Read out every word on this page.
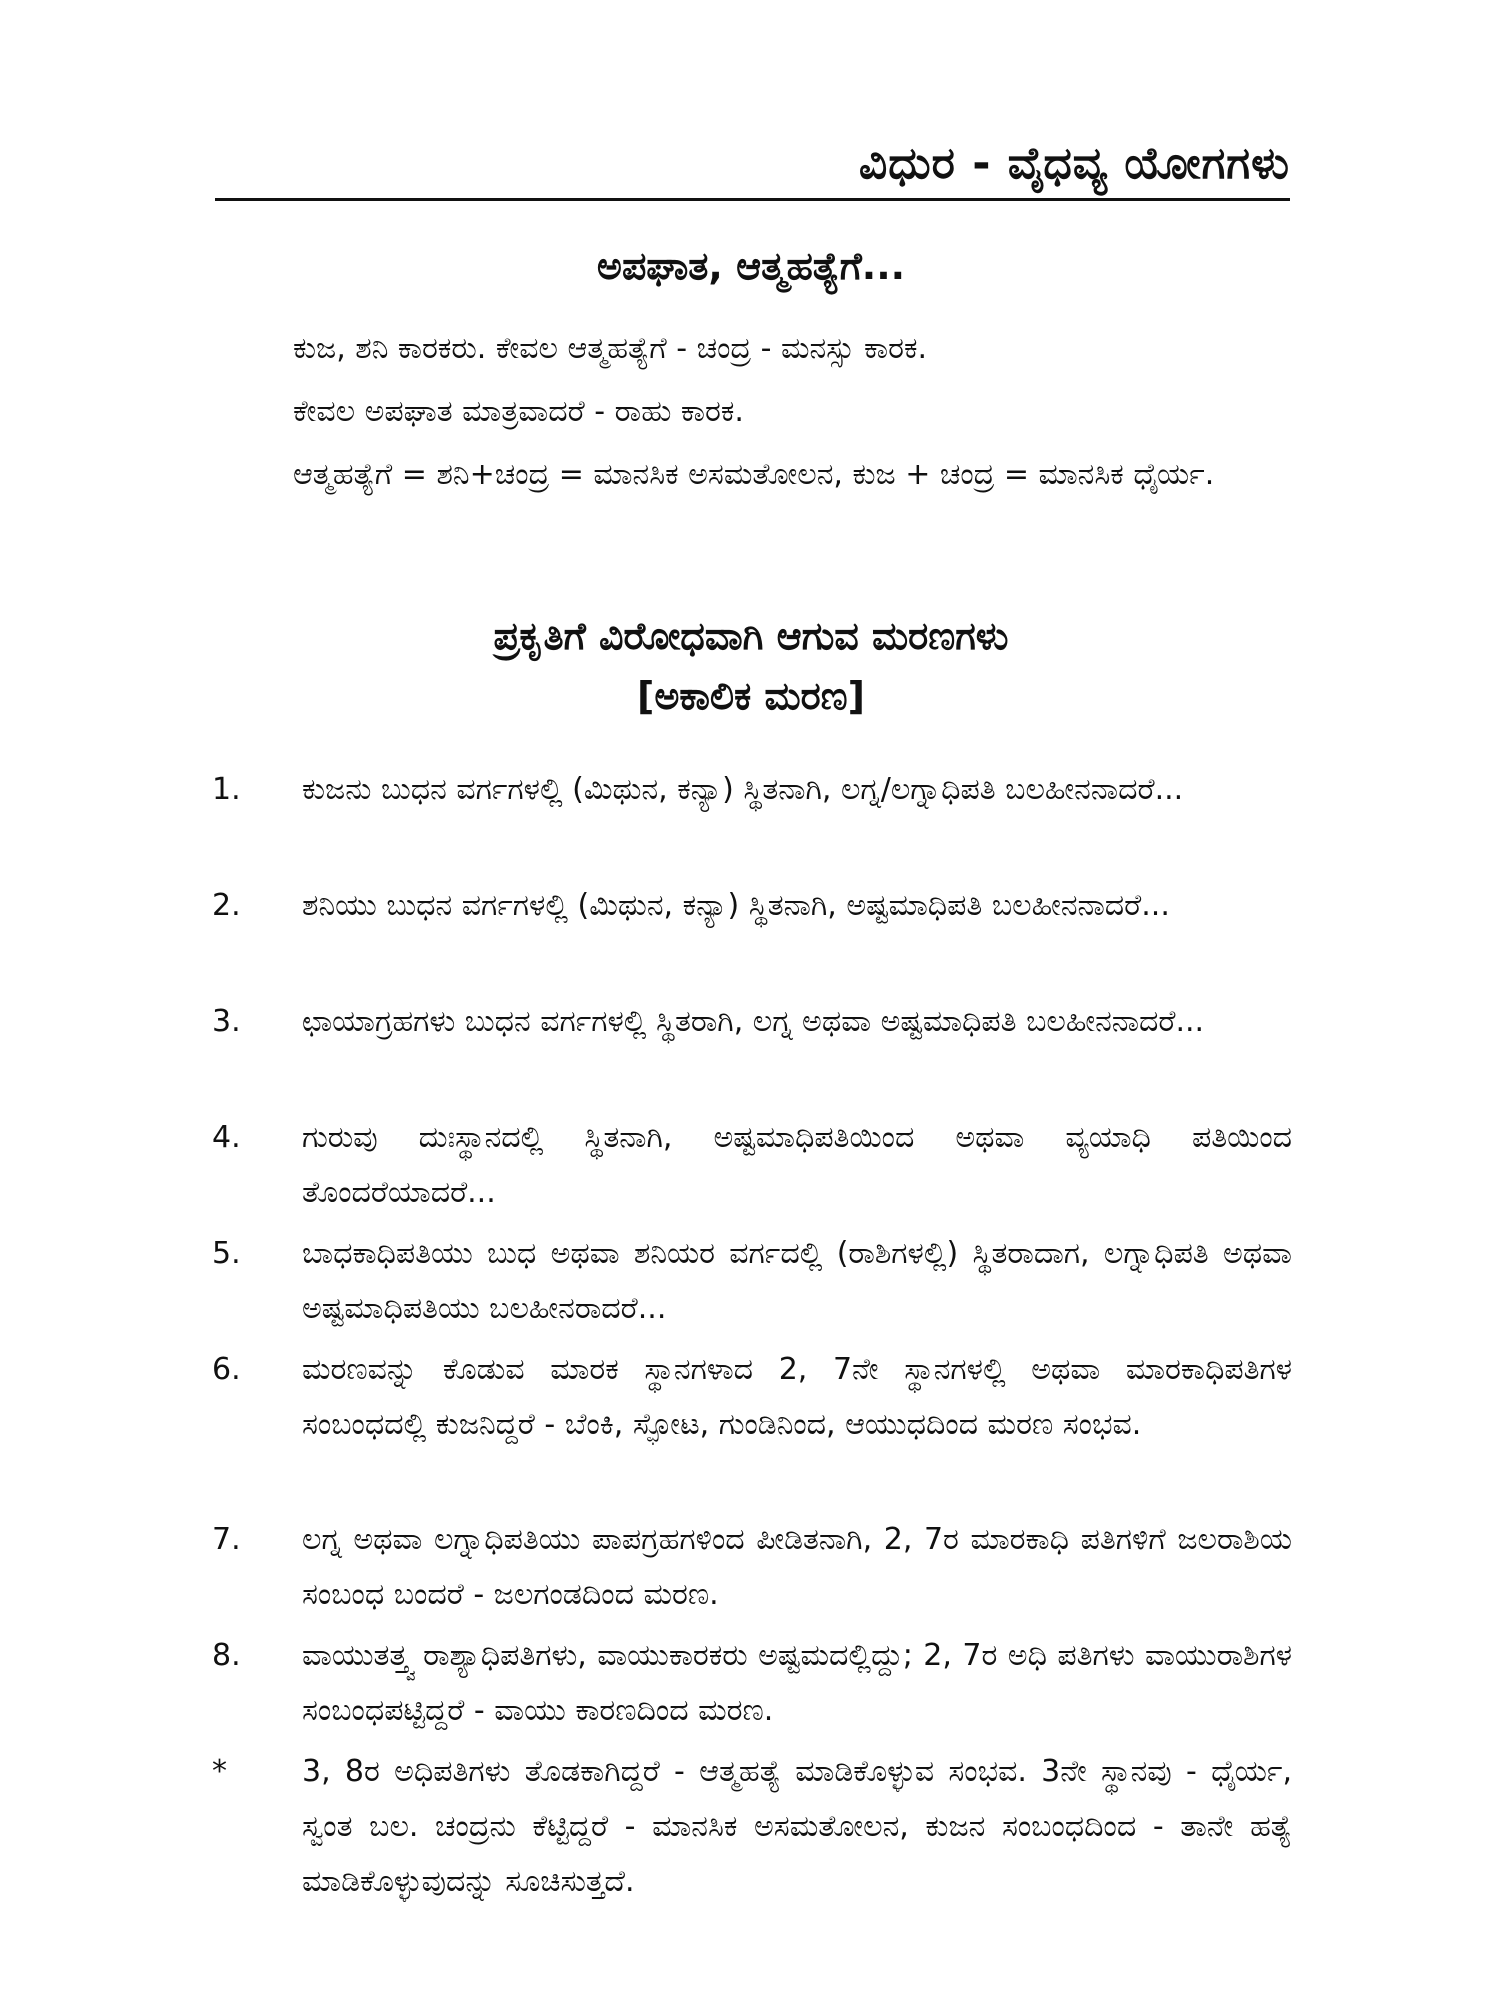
ವಿಧುರ - ವೈಧವ್ಯ ಯೋಗಗಳು
ಅಪಘಾತ, ಆತ್ಮಹತ್ಯೆಗೆ...
ಕುಜ, ಶನಿ ಕಾರಕರು. ಕೇವಲ ಆತ್ಮಹತ್ಯೆಗೆ - ಚಂದ್ರ - ಮನಸ್ಸು ಕಾರಕ.
ಕೇವಲ ಅಪಘಾತ ಮಾತ್ರವಾದರೆ - ರಾಹು ಕಾರಕ.
ಆತ್ಮಹತ್ಯೆಗೆ = ಶನಿ+ಚಂದ್ರ = ಮಾನಸಿಕ ಅಸಮತೋಲನ, ಕುಜ + ಚಂದ್ರ = ಮಾನಸಿಕ ಧೈರ್ಯ.
ಪ್ರಕೃತಿಗೆ ವಿರೋಧವಾಗಿ ಆಗುವ ಮರಣಗಳು
[ಅಕಾಲಿಕ ಮರಣ]
1.	ಕುಜನು ಬುಧನ ವರ್ಗಗಳಲ್ಲಿ (ಮಿಥುನ, ಕನ್ಯಾ) ಸ್ಥಿತನಾಗಿ, ಲಗ್ನ/ಲಗ್ನಾಧಿಪತಿ ಬಲಹೀನನಾದರೆ...
2.	ಶನಿಯು ಬುಧನ ವರ್ಗಗಳಲ್ಲಿ (ಮಿಥುನ, ಕನ್ಯಾ) ಸ್ಥಿತನಾಗಿ, ಅಷ್ಟಮಾಧಿಪತಿ ಬಲಹೀನನಾದರೆ...
3.	ಛಾಯಾಗ್ರಹಗಳು ಬುಧನ ವರ್ಗಗಳಲ್ಲಿ ಸ್ಥಿತರಾಗಿ, ಲಗ್ನ ಅಥವಾ ಅಷ್ಟಮಾಧಿಪತಿ ಬಲಹೀನನಾದರೆ...
4.	ಗುರುವು ದುಃಸ್ಥಾನದಲ್ಲಿ ಸ್ಥಿತನಾಗಿ, ಅಷ್ಟಮಾಧಿಪತಿಯಿಂದ ಅಥವಾ ವ್ಯಯಾಧಿ ಪತಿಯಿಂದ ತೊಂದರೆಯಾದರೆ...
5.	ಬಾಧಕಾಧಿಪತಿಯು ಬುಧ ಅಥವಾ ಶನಿಯರ ವರ್ಗದಲ್ಲಿ (ರಾಶಿಗಳಲ್ಲಿ) ಸ್ಥಿತರಾದಾಗ, ಲಗ್ನಾಧಿಪತಿ ಅಥವಾ ಅಷ್ಟಮಾಧಿಪತಿಯು ಬಲಹೀನರಾದರೆ...
6.	ಮರಣವನ್ನು ಕೊಡುವ ಮಾರಕ ಸ್ಥಾನಗಳಾದ 2, 7ನೇ ಸ್ಥಾನಗಳಲ್ಲಿ ಅಥವಾ ಮಾರಕಾಧಿಪತಿಗಳ ಸಂಬಂಧದಲ್ಲಿ ಕುಜನಿದ್ದರೆ - ಬೆಂಕಿ, ಸ್ಫೋಟ, ಗುಂಡಿನಿಂದ, ಆಯುಧದಿಂದ ಮರಣ ಸಂಭವ.
7.	ಲಗ್ನ ಅಥವಾ ಲಗ್ನಾಧಿಪತಿಯು ಪಾಪಗ್ರಹಗಳಿಂದ ಪೀಡಿತನಾಗಿ, 2, 7ರ ಮಾರಕಾಧಿ ಪತಿಗಳಿಗೆ ಜಲರಾಶಿಯ ಸಂಬಂಧ ಬಂದರೆ - ಜಲಗಂಡದಿಂದ ಮರಣ.
8.	ವಾಯುತತ್ತ್ವ ರಾಶ್ಯಾಧಿಪತಿಗಳು, ವಾಯುಕಾರಕರು ಅಷ್ಟಮದಲ್ಲಿದ್ದು; 2, 7ರ ಅಧಿ ಪತಿಗಳು ವಾಯುರಾಶಿಗಳ ಸಂಬಂಧಪಟ್ಟಿದ್ದರೆ - ವಾಯು ಕಾರಣದಿಂದ ಮರಣ.
*	3, 8ರ ಅಧಿಪತಿಗಳು ತೊಡಕಾಗಿದ್ದರೆ - ಆತ್ಮಹತ್ಯೆ ಮಾಡಿಕೊಳ್ಳುವ ಸಂಭವ. 3ನೇ ಸ್ಥಾನವು - ಧೈರ್ಯ, ಸ್ವಂತ ಬಲ. ಚಂದ್ರನು ಕೆಟ್ಟಿದ್ದರೆ - ಮಾನಸಿಕ ಅಸಮತೋಲನ, ಕುಜನ ಸಂಬಂಧದಿಂದ - ತಾನೇ ಹತ್ಯೆ ಮಾಡಿಕೊಳ್ಳುವುದನ್ನು ಸೂಚಿಸುತ್ತದೆ.
